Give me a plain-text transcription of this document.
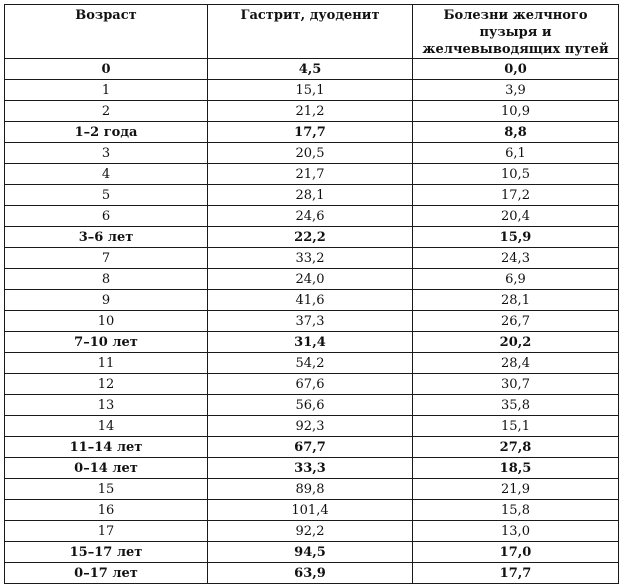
Возраст	Гастрит, дуоденит	Болезни желчного пузыря и желчевыводящих путей
0	4,5	0,0
1	15,1	3,9
2	21,2	10,9
1–2 года	17,7	8,8
3	20,5	6,1
4	21,7	10,5
5	28,1	17,2
6	24,6	20,4
3–6 лет	22,2	15,9
7	33,2	24,3
8	24,0	6,9
9	41,6	28,1
10	37,3	26,7
7–10 лет	31,4	20,2
11	54,2	28,4
12	67,6	30,7
13	56,6	35,8
14	92,3	15,1
11–14 лет	67,7	27,8
0–14 лет	33,3	18,5
15	89,8	21,9
16	101,4	15,8
17	92,2	13,0
15–17 лет	94,5	17,0
0–17 лет	63,9	17,7
